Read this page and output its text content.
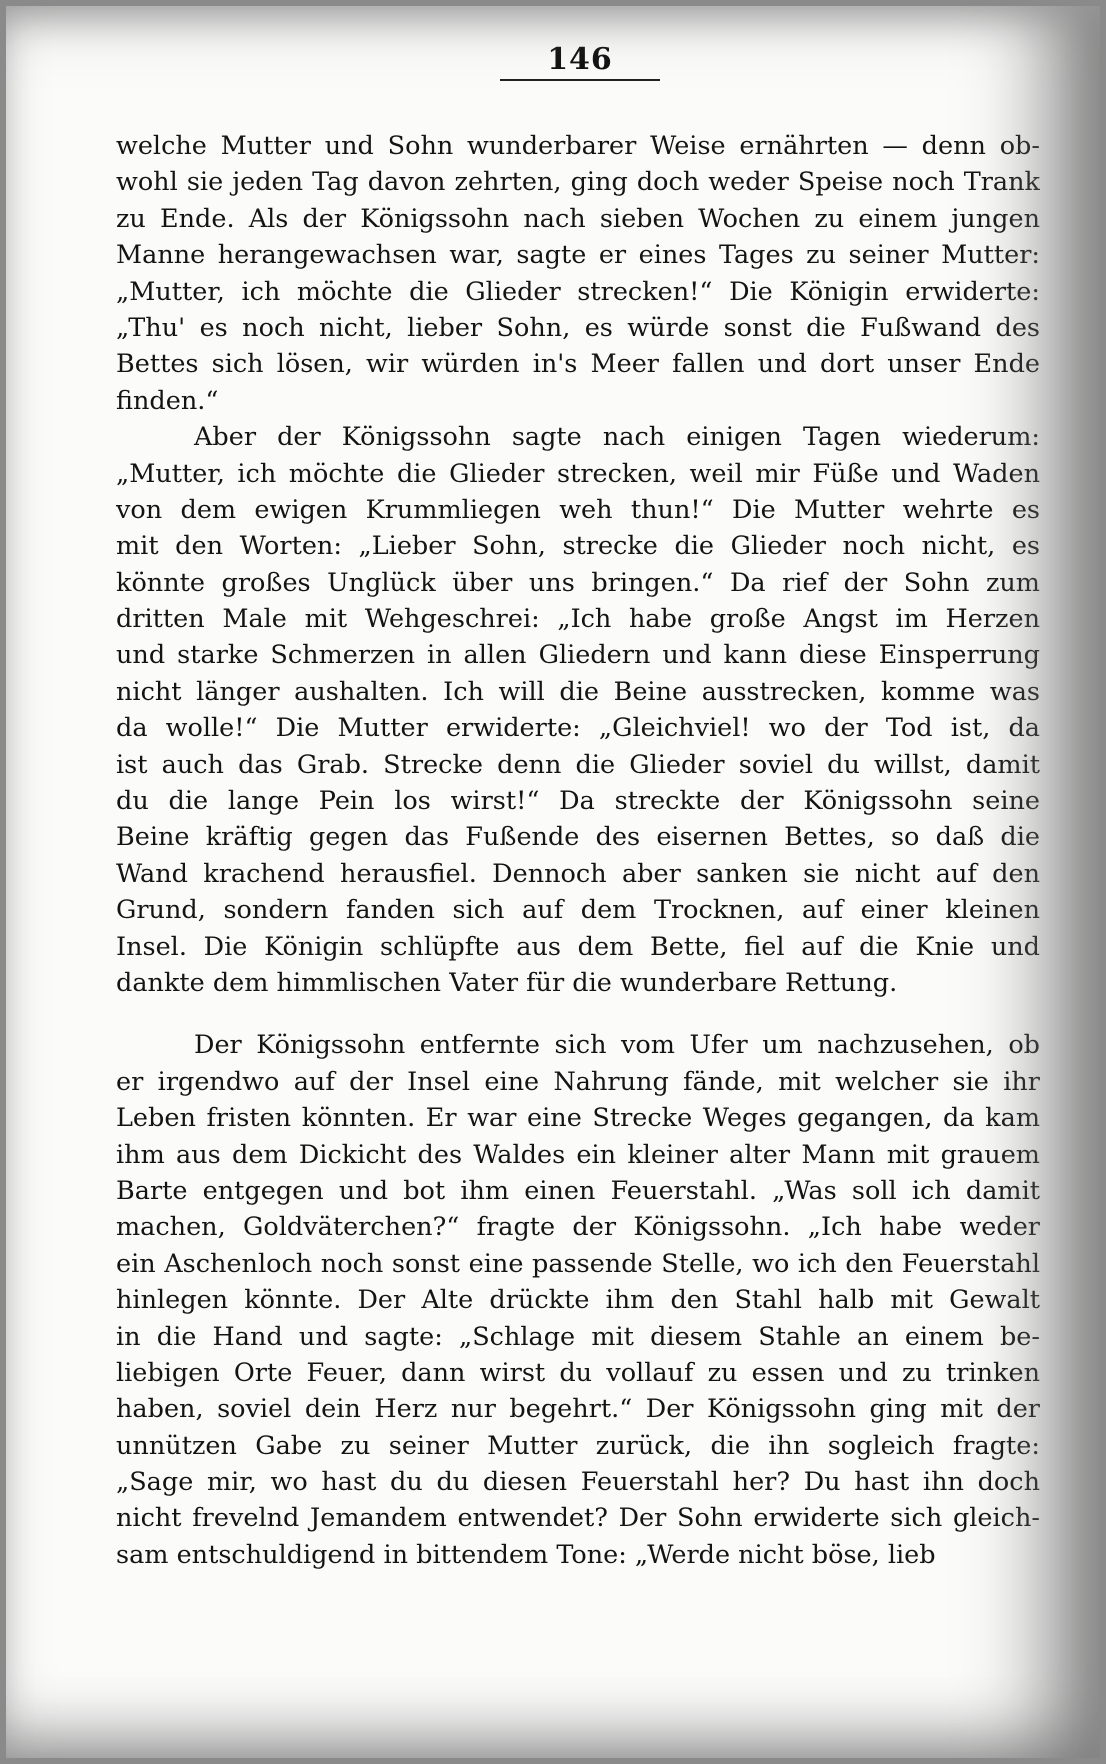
146
welche Mutter und Sohn wunderbarer Weise ernährten — denn ob-
wohl sie jeden Tag davon zehrten, ging doch weder Speise noch Trank
zu Ende. Als der Königssohn nach sieben Wochen zu einem jungen
Manne herangewachsen war, sagte er eines Tages zu seiner Mutter:
„Mutter, ich möchte die Glieder strecken!“ Die Königin erwiderte:
„Thu' es noch nicht, lieber Sohn, es würde sonst die Fußwand des
Bettes sich lösen, wir würden in's Meer fallen und dort unser Ende
finden.“
Aber der Königssohn sagte nach einigen Tagen wiederum:
„Mutter, ich möchte die Glieder strecken, weil mir Füße und Waden
von dem ewigen Krummliegen weh thun!“ Die Mutter wehrte es
mit den Worten: „Lieber Sohn, strecke die Glieder noch nicht, es
könnte großes Unglück über uns bringen.“ Da rief der Sohn zum
dritten Male mit Wehgeschrei: „Ich habe große Angst im Herzen
und starke Schmerzen in allen Gliedern und kann diese Einsperrung
nicht länger aushalten. Ich will die Beine ausstrecken, komme was
da wolle!“ Die Mutter erwiderte: „Gleichviel! wo der Tod ist, da
ist auch das Grab. Strecke denn die Glieder soviel du willst, damit
du die lange Pein los wirst!“ Da streckte der Königssohn seine
Beine kräftig gegen das Fußende des eisernen Bettes, so daß die
Wand krachend herausfiel. Dennoch aber sanken sie nicht auf den
Grund, sondern fanden sich auf dem Trocknen, auf einer kleinen
Insel. Die Königin schlüpfte aus dem Bette, fiel auf die Knie und
dankte dem himmlischen Vater für die wunderbare Rettung.
Der Königssohn entfernte sich vom Ufer um nachzusehen, ob
er irgendwo auf der Insel eine Nahrung fände, mit welcher sie ihr
Leben fristen könnten. Er war eine Strecke Weges gegangen, da kam
ihm aus dem Dickicht des Waldes ein kleiner alter Mann mit grauem
Barte entgegen und bot ihm einen Feuerstahl. „Was soll ich damit
machen, Goldväterchen?“ fragte der Königssohn. „Ich habe weder
ein Aschenloch noch sonst eine passende Stelle, wo ich den Feuerstahl
hinlegen könnte. Der Alte drückte ihm den Stahl halb mit Gewalt
in die Hand und sagte: „Schlage mit diesem Stahle an einem be-
liebigen Orte Feuer, dann wirst du vollauf zu essen und zu trinken
haben, soviel dein Herz nur begehrt.“ Der Königssohn ging mit der
unnützen Gabe zu seiner Mutter zurück, die ihn sogleich fragte:
„Sage mir, wo hast du du diesen Feuerstahl her? Du hast ihn doch
nicht frevelnd Jemandem entwendet? Der Sohn erwiderte sich gleich-
sam entschuldigend in bittendem Tone: „Werde nicht böse, lieb
